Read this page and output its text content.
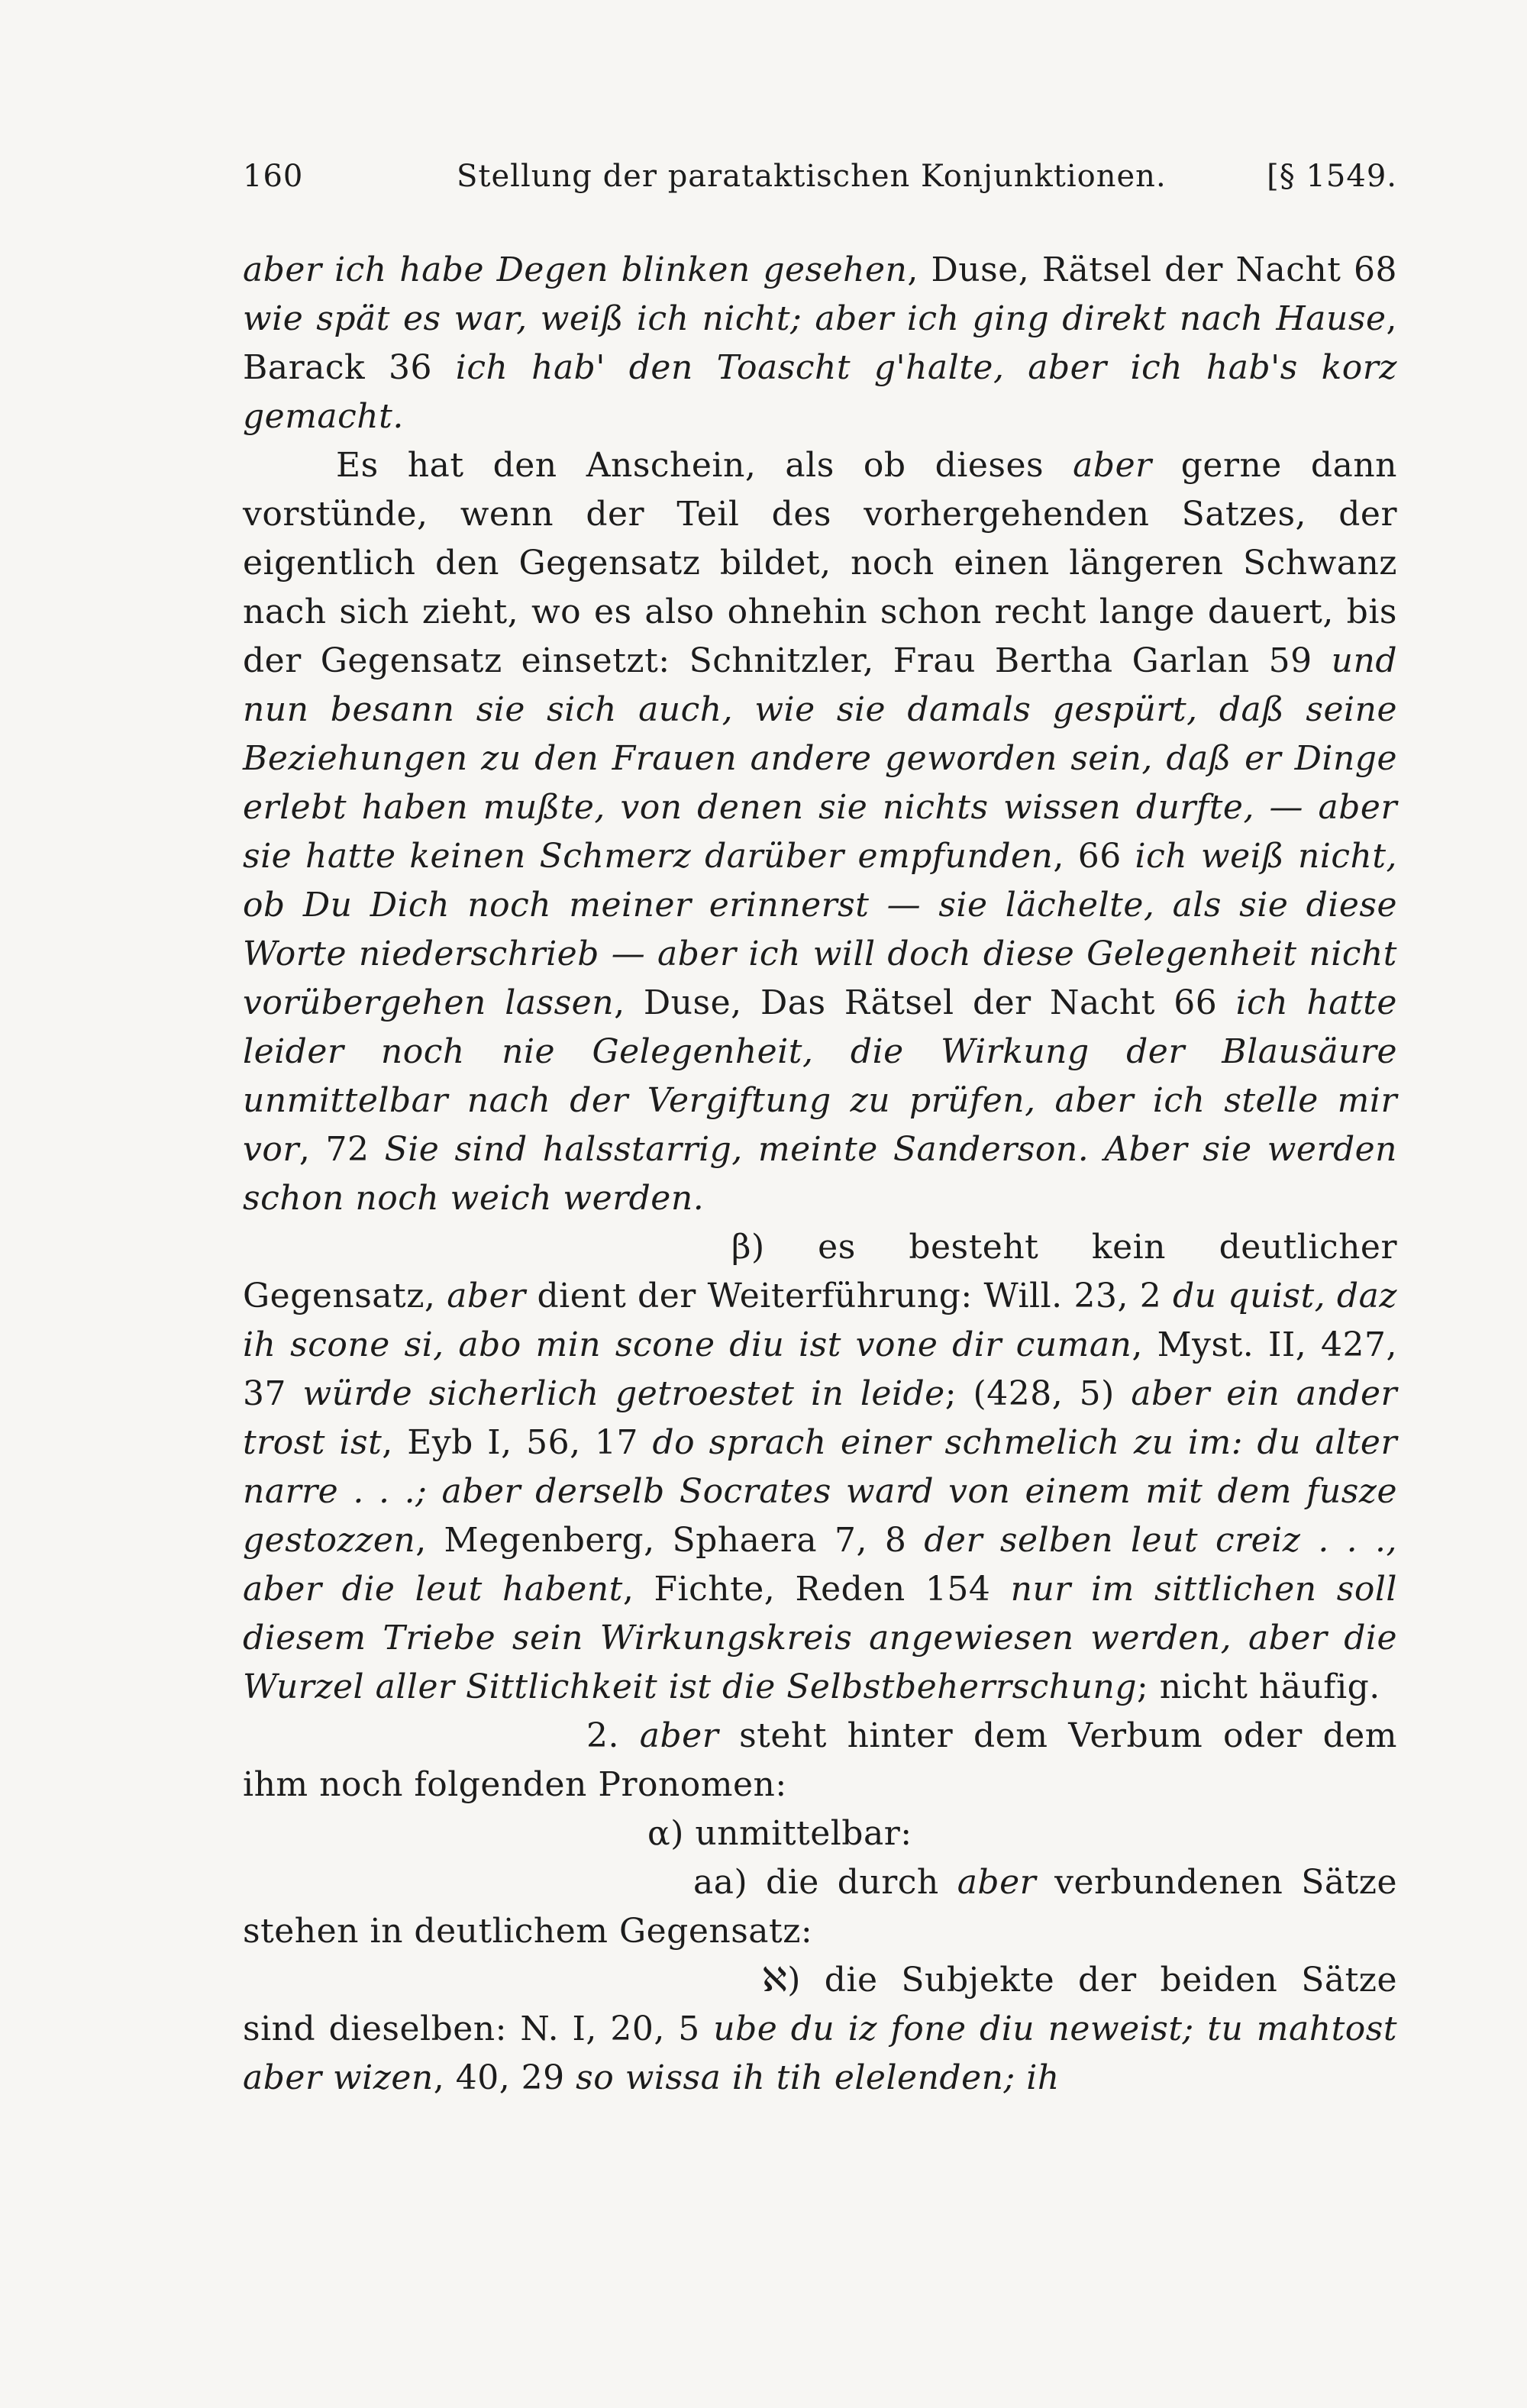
160	Stellung der parataktischen Konjunktionen.	[§ 1549.

aber ich habe Degen blinken gesehen, Duse, Rätsel der Nacht 68 wie spät es war, weiß ich nicht; aber ich ging direkt nach Hause, Barack 36 ich hab' den Toascht g'halte, aber ich hab's korz gemacht.

Es hat den Anschein, als ob dieses aber gerne dann vorstünde, wenn der Teil des vorhergehenden Satzes, der eigentlich den Gegensatz bildet, noch einen längeren Schwanz nach sich zieht, wo es also ohnehin schon recht lange dauert, bis der Gegensatz einsetzt: Schnitzler, Frau Bertha Garlan 59 und nun besann sie sich auch, wie sie damals gespürt, daß seine Beziehungen zu den Frauen andere geworden sein, daß er Dinge erlebt haben mußte, von denen sie nichts wissen durfte, — aber sie hatte keinen Schmerz darüber empfunden, 66 ich weiß nicht, ob Du Dich noch meiner erinnerst — sie lächelte, als sie diese Worte niederschrieb — aber ich will doch diese Gelegenheit nicht vorübergehen lassen, Duse, Das Rätsel der Nacht 66 ich hatte leider noch nie Gelegenheit, die Wirkung der Blausäure unmittelbar nach der Vergiftung zu prüfen, aber ich stelle mir vor, 72 Sie sind halsstarrig, meinte Sanderson. Aber sie werden schon noch weich werden.

β) es besteht kein deutlicher Gegensatz, aber dient der Weiterführung: Will. 23, 2 du quist, daz ih scone si, abo min scone diu ist vone dir cuman, Myst. II, 427, 37 würde sicherlich getroestet in leide; (428, 5) aber ein ander trost ist, Eyb I, 56, 17 do sprach einer schmelich zu im: du alter narre . . .; aber derselb Socrates ward von einem mit dem fusze gestozzen, Megenberg, Sphaera 7, 8 der selben leut creiz . . ., aber die leut habent, Fichte, Reden 154 nur im sittlichen soll diesem Triebe sein Wirkungskreis angewiesen werden, aber die Wurzel aller Sittlichkeit ist die Selbstbeherrschung; nicht häufig.

2. aber steht hinter dem Verbum oder dem ihm noch folgenden Pronomen:

α) unmittelbar:

aa) die durch aber verbundenen Sätze stehen in deutlichem Gegensatz:

ℵ) die Subjekte der beiden Sätze sind dieselben: N. I, 20, 5 ube du iz fone diu neweist; tu mahtost aber wizen, 40, 29 so wissa ih tih elelenden; ih
